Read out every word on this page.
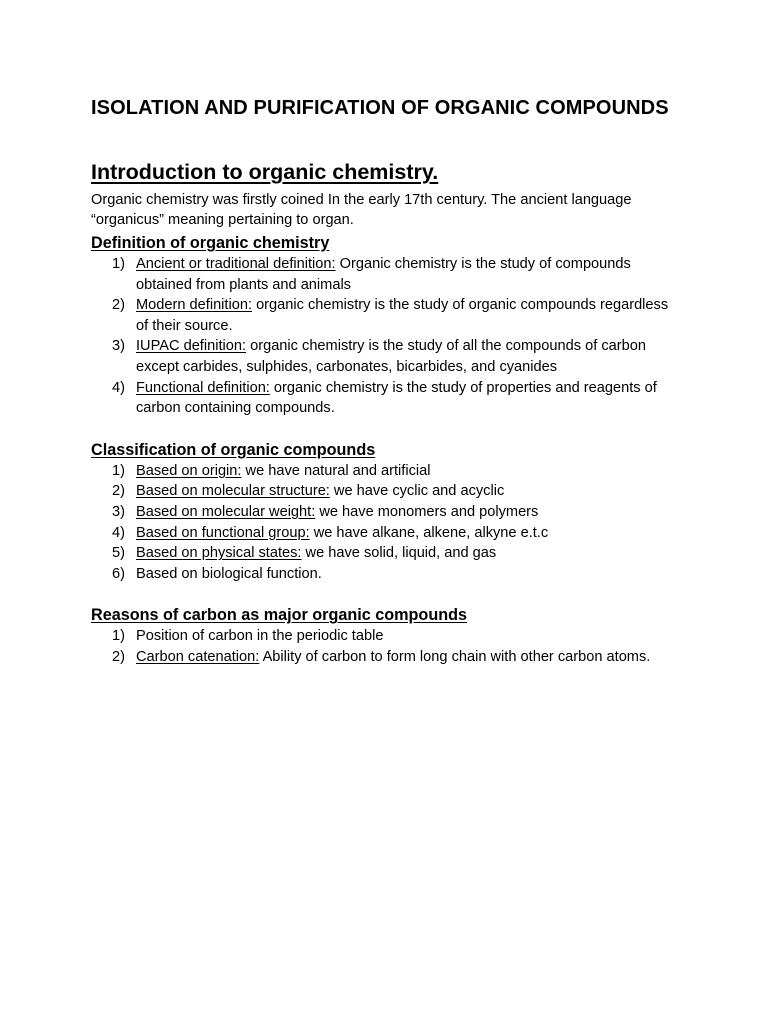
ISOLATION AND PURIFICATION OF ORGANIC COMPOUNDS
Introduction to organic chemistry.

Organic chemistry was firstly coined In the early 17th century. The ancient language “organicus” meaning pertaining to organ.

Definition of organic chemistry
1) Ancient or traditional definition: Organic chemistry is the study of compounds obtained from plants and animals
2) Modern definition: organic chemistry is the study of organic compounds regardless of their source.
3) IUPAC definition: organic chemistry is the study of all the compounds of carbon except carbides, sulphides, carbonates, bicarbides, and cyanides
4) Functional definition: organic chemistry is the study of properties and reagents of carbon containing compounds.
Classification of organic compounds
1) Based on origin: we have natural and artificial
2) Based on molecular structure: we have cyclic and acyclic
3) Based on molecular weight: we have monomers and polymers
4) Based on functional group: we have alkane, alkene, alkyne e.t.c
5) Based on physical states: we have solid, liquid, and gas
6) Based on biological function.
Reasons of carbon as major organic compounds
1) Position of carbon in the periodic table
2) Carbon catenation: Ability of carbon to form long chain with other carbon atoms.
